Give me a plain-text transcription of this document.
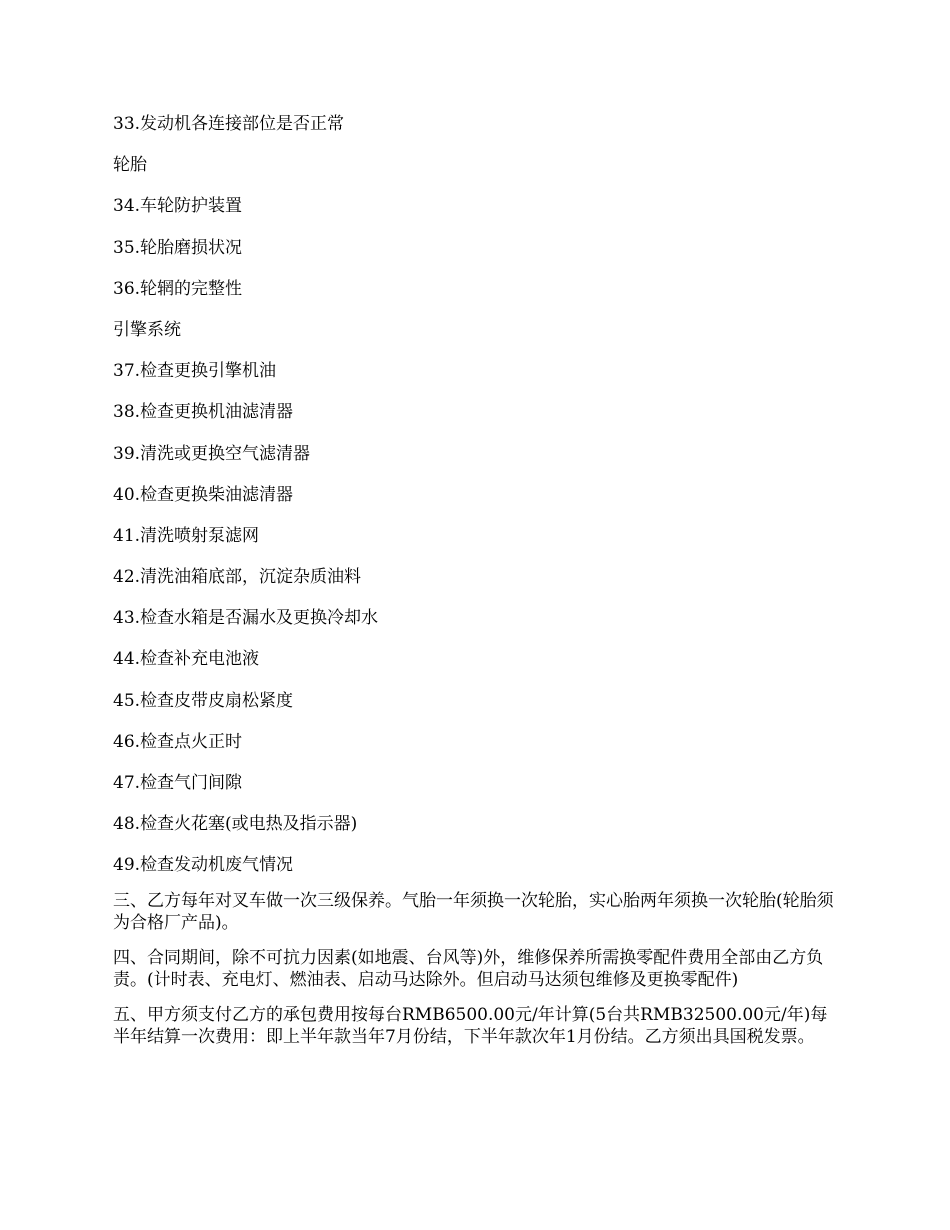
33.发动机各连接部位是否正常
轮胎
34.车轮防护装置
35.轮胎磨损状况
36.轮辋的完整性
引擎系统
37.检查更换引擎机油
38.检查更换机油滤清器
39.清洗或更换空气滤清器
40.检查更换柴油滤清器
41.清洗喷射泵滤网
42.清洗油箱底部，沉淀杂质油料
43.检查水箱是否漏水及更换冷却水
44.检查补充电池液
45.检查皮带皮扇松紧度
46.检查点火正时
47.检查气门间隙
48.检查火花塞(或电热及指示器)
49.检查发动机废气情况

三、乙方每年对叉车做一次三级保养。气胎一年须换一次轮胎，实心胎两年须换一次轮胎(轮胎须为合格厂产品)。

四、合同期间，除不可抗力因素(如地震、台风等)外，维修保养所需换零配件费用全部由乙方负责。(计时表、充电灯、燃油表、启动马达除外。但启动马达须包维修及更换零配件)

五、甲方须支付乙方的承包费用按每台RMB6500.00元/年计算(5台共RMB32500.00元/年)每半年结算一次费用：即上半年款当年7月份结，下半年款次年1月份结。乙方须出具国税发票。
